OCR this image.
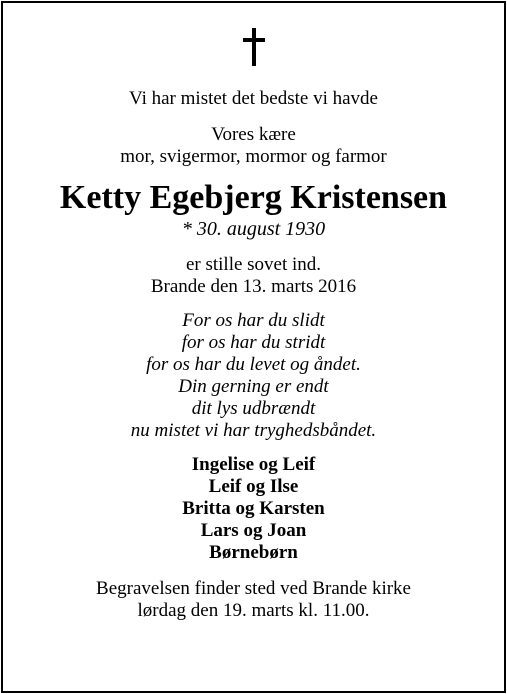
Vi har mistet det bedste vi havde
Vores kære
mor, svigermor, mormor og farmor
Ketty Egebjerg Kristensen
* 30. august 1930
er stille sovet ind.
Brande den 13. marts 2016
For os har du slidt
for os har du stridt
for os har du levet og åndet.
Din gerning er endt
dit lys udbrændt
nu mistet vi har tryghedsbåndet.
Ingelise og Leif
Leif og Ilse
Britta og Karsten
Lars og Joan
Børnebørn
Begravelsen finder sted ved Brande kirke
lørdag den 19. marts kl. 11.00.
